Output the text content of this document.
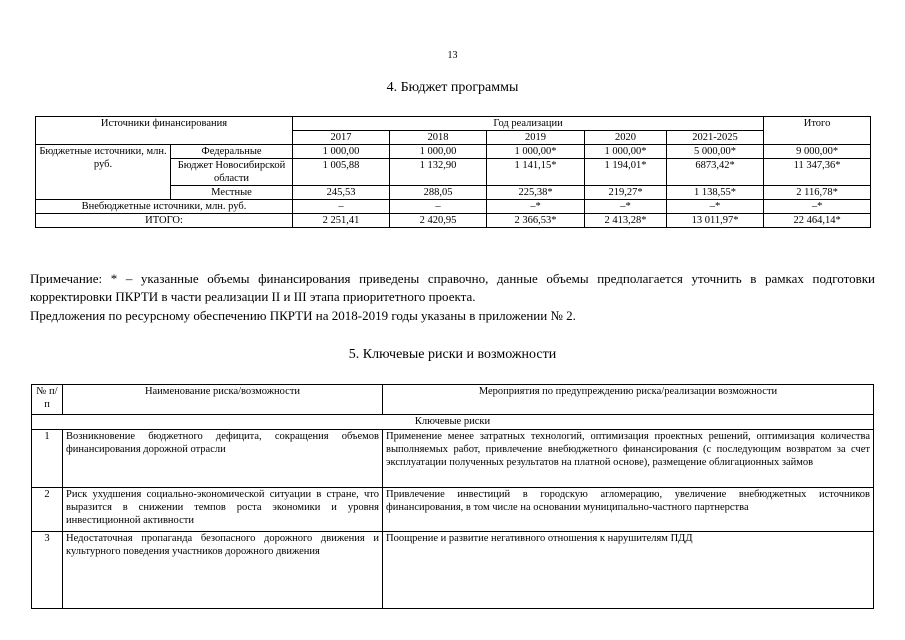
13
4. Бюджет программы
Источники финансирования		Год реализации					Итого
		2017	2018	2019	2020	2021-2025	
Бюджетные источники, млн. руб.	Федеральные	1 000,00	1 000,00	1 000,00*	1 000,00*	5 000,00*	9 000,00*
	Бюджет Новосибирской области	1 005,88	1 132,90	1 141,15*	1 194,01*	6873,42*	11 347,36*
	Местные	245,53	288,05	225,38*	219,27*	1 138,55*	2 116,78*
Внебюджетные источники, млн. руб.		–	–	–*	–*	–*	–*
ИТОГО:		2 251,41	2 420,95	2 366,53*	2 413,28*	13 011,97*	22 464,14*
Примечание: * – указанные объемы финансирования приведены справочно, данные объемы предполагается уточнить в рамках подготовки корректировки ПКРТИ в части реализации II и III этапа приоритетного проекта.
Предложения по ресурсному обеспечению ПКРТИ на 2018-2019 годы указаны в приложении № 2.
5. Ключевые риски и возможности
№ п/п	Наименование риска/возможности	Мероприятия по предупреждению риска/реализации возможности
Ключевые риски		
1	Возникновение бюджетного дефицита, сокращения объемов финансирования дорожной отрасли	Применение менее затратных технологий, оптимизация проектных решений, оптимизация количества выполняемых работ, привлечение внебюджетного финансирования (с последующим возвратом за счет эксплуатации полученных результатов на платной основе), размещение облигационных займов
2	Риск ухудшения социально-экономической ситуации в стране, что выразится в снижении темпов роста экономики и уровня инвестиционной активности	Привлечение инвестиций в городскую агломерацию, увеличение внебюджетных источников финансирования, в том числе на основании муниципально-частного партнерства
3	Недостаточная пропаганда безопасного дорожного движения и культурного поведения участников дорожного движения	Поощрение и развитие негативного отношения к нарушителям ПДД
